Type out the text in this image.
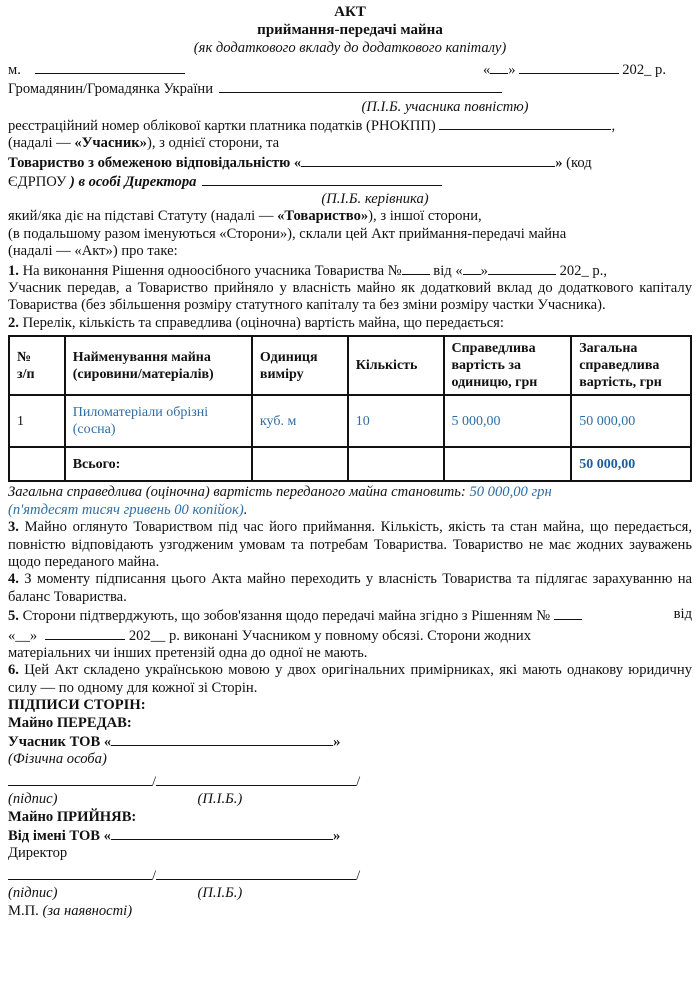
АКТ
приймання-передачі майна
(як додаткового вкладу до додаткового капіталу)
м.	« »	202_ р.
Громадянин/Громадянка України
(П.І.Б. учасника повністю)
реєстраційний номер облікової картки платника податків (РНОКПП)	,
(надалі — «Учасник»), з однієї сторони, та
Товариство з обмеженою відповідальністю «	» (код
ЄДРПОУ ) в особі Директора
(П.І.Б. керівника)
який/яка діє на підставі Статуту (надалі — «Товариство»), з іншої сторони,
(в подальшому разом іменуються «Сторони»), склали цей Акт приймання-передачі майна
(надалі — «Акт») про таке:
1. На виконання Рішення одноосібного учасника Товариства № від « »	202_ р.,
Учасник передав, а Товариство прийняло у власність майно як додатковий вклад до додаткового капіталу Товариства (без збільшення розміру статутного капіталу та без зміни розміру частки Учасника).
2. Перелік, кількість та справедлива (оціночна) вартість майна, що передається:
№
з/п	Найменування майна (сировини/матеріалів)	Одиниця виміру	Кількість	Справедлива вартість за одиницю, грн	Загальна справедлива вартість, грн
1	Пиломатеріали обрізні (сосна)	куб. м	10	5 000,00	50 000,00
	Всього:				50 000,00
Загальна справедлива (оціночна) вартість переданого майна становить: 50 000,00 грн
(п'ятдесят тисяч гривень 00 копійок).
3. Майно оглянуто Товариством під час його приймання. Кількість, якість та стан майна, що передається, повністю відповідають узгодженим умовам та потребам Товариства. Товариство не має жодних зауважень щодо переданого майна.
4. З моменту підписання цього Акта майно переходить у власність Товариства та підлягає зарахуванню на баланс Товариства.
5. Сторони підтверджують, що зобов'язання щодо передачі майна згідно з Рішенням №	від
«__»	202__ р. виконані Учасником у повному обсязі. Сторони жодних
матеріальних чи інших претензій одна до одної не мають.
6. Цей Акт складено українською мовою у двох оригінальних примірниках, які мають однакову юридичну силу — по одному для кожної зі Сторін.
ПІДПИСИ СТОРІН:
Майно ПЕРЕДАВ:
Учасник ТОВ «	»
(Фізична особа)
/	/
(підпис)	(П.І.Б.)
Майно ПРИЙНЯВ:
Від імені ТОВ «	»
Директор
/	/
(підпис)	(П.І.Б.)
М.П. (за наявності)
